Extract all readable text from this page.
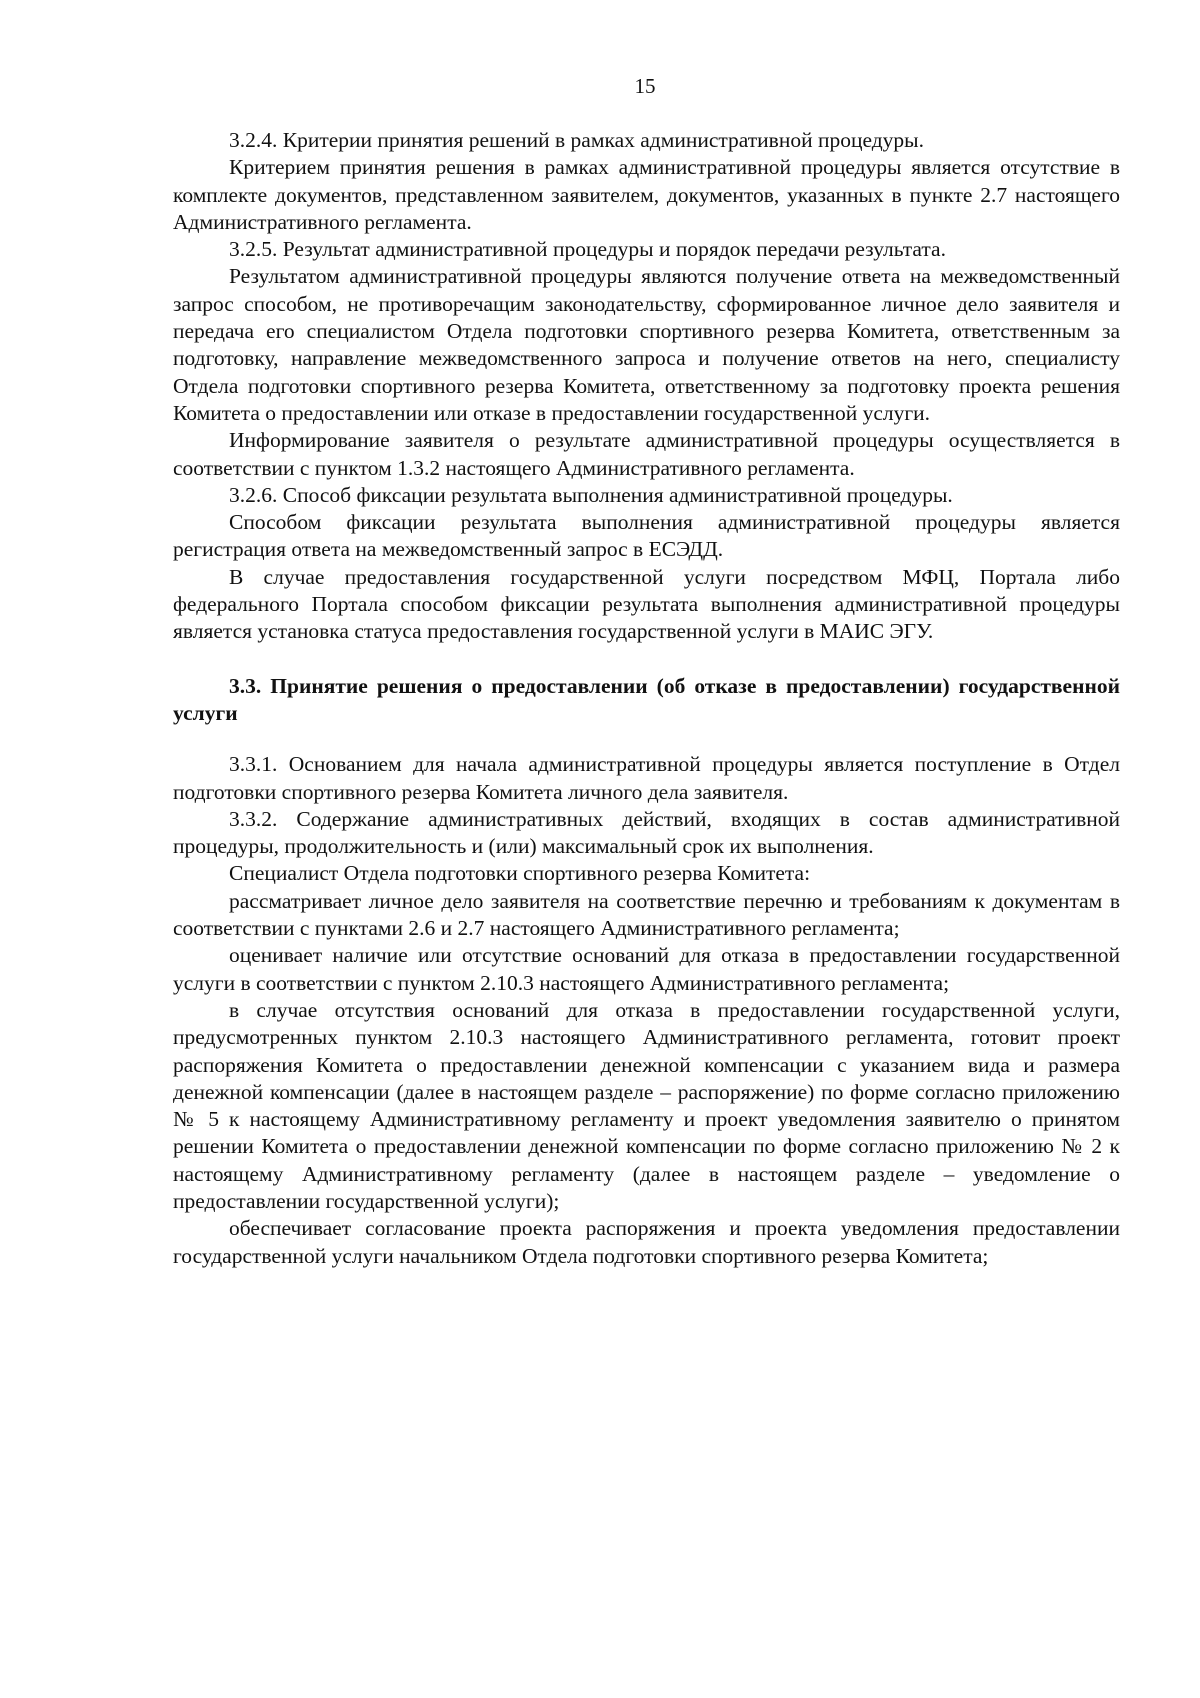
15

3.2.4. Критерии принятия решений в рамках административной процедуры.

Критерием принятия решения в рамках административной процедуры является отсутствие в комплекте документов, представленном заявителем, документов, указанных в пункте 2.7 настоящего Административного регламента.

3.2.5. Результат административной процедуры и порядок передачи результата.

Результатом административной процедуры являются получение ответа на межведомственный запрос способом, не противоречащим законодательству, сформированное личное дело заявителя и передача его специалистом Отдела подготовки спортивного резерва Комитета, ответственным за подготовку, направление межведомственного запроса и получение ответов на него, специалисту Отдела подготовки спортивного резерва Комитета, ответственному за подготовку проекта решения Комитета о предоставлении или отказе в предоставлении государственной услуги.

Информирование заявителя о результате административной процедуры осуществляется в соответствии с пунктом 1.3.2 настоящего Административного регламента.

3.2.6. Способ фиксации результата выполнения административной процедуры.

Способом фиксации результата выполнения административной процедуры является регистрация ответа на межведомственный запрос в ЕСЭДД.

В случае предоставления государственной услуги посредством МФЦ, Портала либо федерального Портала способом фиксации результата выполнения административной процедуры является установка статуса предоставления государственной услуги в МАИС ЭГУ.

3.3. Принятие решения о предоставлении (об отказе в предоставлении) государственной услуги

3.3.1. Основанием для начала административной процедуры является поступление в Отдел подготовки спортивного резерва Комитета личного дела заявителя.

3.3.2. Содержание административных действий, входящих в состав административной процедуры, продолжительность и (или) максимальный срок их выполнения.

Специалист Отдела подготовки спортивного резерва Комитета:

рассматривает личное дело заявителя на соответствие перечню и требованиям к документам в соответствии с пунктами 2.6 и 2.7 настоящего Административного регламента;

оценивает наличие или отсутствие оснований для отказа в предоставлении государственной услуги в соответствии с пунктом 2.10.3 настоящего Административного регламента;

в случае отсутствия оснований для отказа в предоставлении государственной услуги, предусмотренных пунктом 2.10.3 настоящего Административного регламента, готовит проект распоряжения Комитета о предоставлении денежной компенсации с указанием вида и размера денежной компенсации (далее в настоящем разделе – распоряжение) по форме согласно приложению № 5 к настоящему Административному регламенту и проект уведомления заявителю о принятом решении Комитета о предоставлении денежной компенсации по форме согласно приложению № 2 к настоящему Административному регламенту (далее в настоящем разделе – уведомление о предоставлении государственной услуги);

обеспечивает согласование проекта распоряжения и проекта уведомления предоставлении государственной услуги начальником Отдела подготовки спортивного резерва Комитета;
